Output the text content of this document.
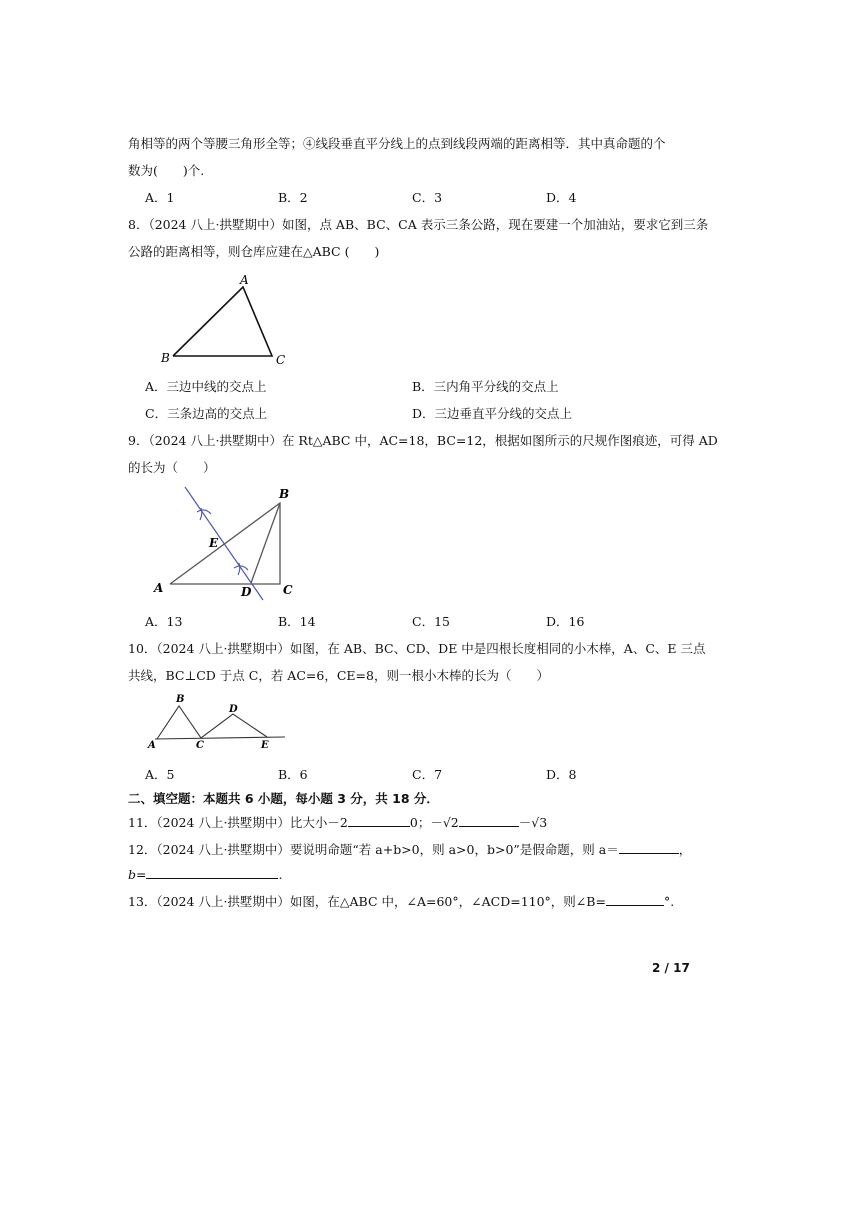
角相等的两个等腰三角形全等；④线段垂直平分线上的点到线段两端的距离相等．其中真命题的个
数为(　　)个.
A．1	B．2	C．3	D．4
8．（2024 八上·拱墅期中）如图，点 AB、BC、CA 表示三条公路，现在要建一个加油站，要求它到三条
公路的距离相等，则仓库应建在△ABC (　　)
A
B	C
A．三边中线的交点上	B．三内角平分线的交点上
C．三条边高的交点上	D．三边垂直平分线的交点上
9．（2024 八上·拱墅期中）在 Rt△ABC 中，AC=18，BC=12，根据如图所示的尺规作图痕迹，可得 AD
的长为（　　）
B
E
A	D	C
A．13	B．14	C．15	D．16
10．（2024 八上·拱墅期中）如图，在 AB、BC、CD、DE 中是四根长度相同的小木棒，A、C、E 三点
共线，BC⊥CD 于点 C，若 AC=6，CE=8，则一根小木棒的长为（　　）
B
D
A	C	E
A．5	B．6	C．7	D．8
二、填空题：本题共 6 小题，每小题 3 分，共 18 分．
11．（2024 八上·拱墅期中）比大小－2	0；－√2	－√3
12．（2024 八上·拱墅期中）要说明命题“若 a+b>0，则 a>0，b>0”是假命题，则 a＝	，
b=	.
13．（2024 八上·拱墅期中）如图，在△ABC 中，∠A=60°，∠ACD=110°，则∠B=	°.
2 / 17
